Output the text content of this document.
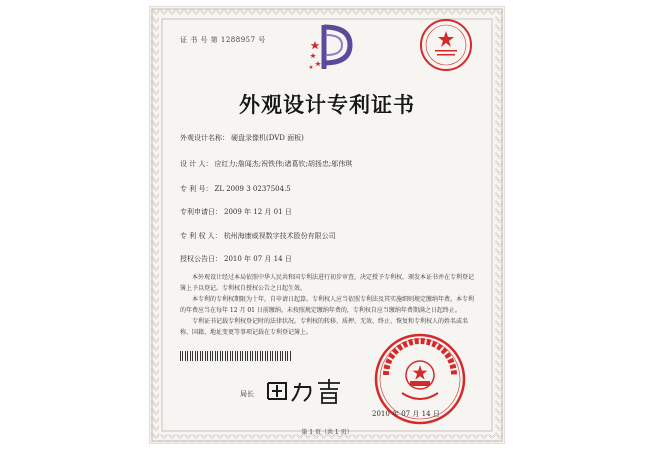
证 书 号 第 1288957 号
外观设计专利证书
外观设计名称： 硬盘录像机(DVD 面板)
设 计 人： 应红力;詹闻杰;祝铁伟;诸葛钦;胡扬忠;邬伟琪
专 利 号： ZL 2009 3 0237504.5
专利申请日： 2009 年 12 月 01 日
专 利 权 人： 杭州海康威视数字技术股份有限公司
授权公告日： 2010 年 07 月 14 日

本外观设计经过本局依照中华人民共和国专利法进行初步审查，决定授予专利权，颁发本证书并在专利登记簿上予以登记。专利权自授权公告之日起生效。

本专利的专利权期限为十年，自申请日起算。专利权人应当依照专利法及其实施细则规定缴纳年费。本专利的年费应当在每年 12 月 01 日前缴纳。未按照规定缴纳年费的，专利权自应当缴纳年费期满之日起终止。

专利证书记载专利权登记时的法律状况。专利权的转移、质押、无效、终止、恢复和专利权人的姓名或名称、国籍、地址变更等事项记载在专利登记簿上。

局长
2010 年 07 月 14 日
第 1 页（共 1 页）
